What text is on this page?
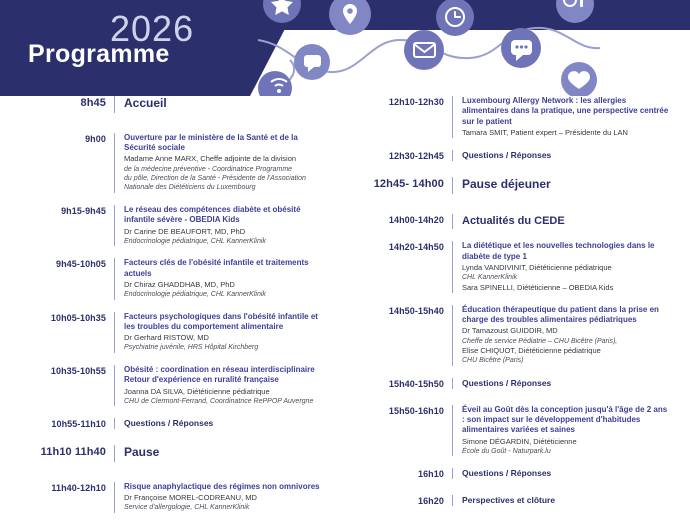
2026
Programme
8h45	Accueil

9h00	Ouverture par le ministère de la Santé et de la Sécurité sociale

Madame Anne MARX, Cheffe adjointe de la division

de la médecine préventive - Coordinatrice Programme

du pôle, Direction de la Santé - Présidente de l'Association

Nationale des Diététiciens du Luxembourg

9h15-9h45	Le réseau des compétences diabète et obésité infantile sévère - OBEDIA Kids

Dr Carine DE BEAUFORT, MD, PhD

Endocrinologie pédiatrique, CHL KannerKlinik

9h45-10h05	Facteurs clés de l'obésité infantile et traitements actuels

Dr Chiraz GHADDHAB, MD, PhD

Endocrinologie pédiatrique, CHL KannerKlinik

10h05-10h35	Facteurs psychologiques dans l'obésité infantile et les troubles du comportement alimentaire

Dr Gerhard RISTOW, MD

Psychiatrie juvénile, HRS Hôpital Kirchberg

10h35-10h55	Obésité : coordination en réseau interdisciplinaire Retour d'expérience en ruralité française

Joanna DA SILVA, Diététicienne pédiatrique

CHU de Clermont-Ferrand, Coordinatrice RePPOP Auvergne

10h55-11h10	Questions / Réponses

11h10 11h40	Pause

11h40-12h10	Risque anaphylactique des régimes non omnivores

Dr Françoise MOREL-CODREANU, MD

Service d'allergologie, CHL KannerKlinik

12h10-12h30	Luxembourg Allergy Network : les allergies alimentaires dans la pratique, une perspective centrée sur le patient

Tamara SMIT, Patient expert – Présidente du LAN

12h30-12h45	Questions / Réponses

12h45- 14h00	Pause déjeuner

14h00-14h20	Actualités du CEDE

14h20-14h50	La diététique et les nouvelles technologies dans le diabète de type 1

Lynda VANDIVINIT, Diététicienne pédiatrique

CHL KannerKlinik

Sara SPINELLI, Diététicienne – OBEDIA Kids

14h50-15h40	Éducation thérapeutique du patient dans la prise en charge des troubles alimentaires pédiatriques

Dr Tamazoust GUIDDIR, MD

Cheffe de service Pédiatrie – CHU Bicêtre (Paris),

Elise CHIQUOT, Diététicienne pédiatrique

CHU Bicêtre (Paris)

15h40-15h50	Questions / Réponses

15h50-16h10	Éveil au Goût dès la conception jusqu'à l'âge de 2 ans : son impact sur le développement d'habitudes alimentaires variées et saines

Simone DÉGARDIN, Diététicienne

École du Goût - Naturpark.lu

16h10	Questions / Réponses

16h20	Perspectives et clôture
